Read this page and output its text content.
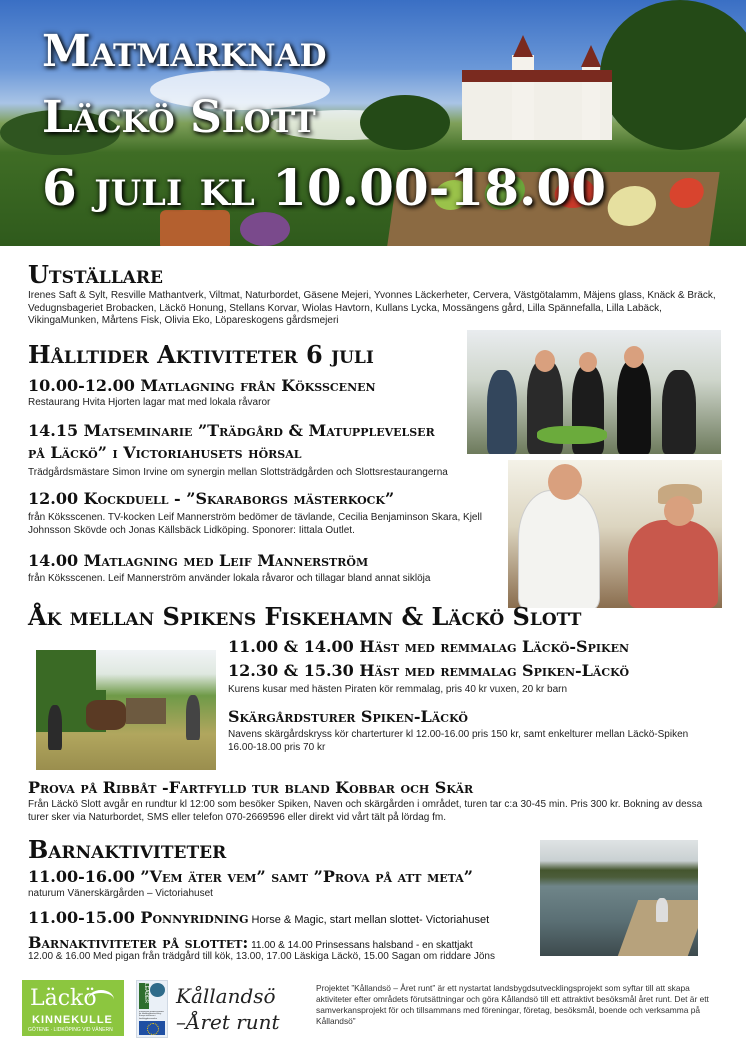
Matmarknad
Läckö Slott
6 juli kl 10.00-18.00
Utställare

Irenes Saft & Sylt, Resville Mathantverk, Viltmat, Naturbordet, Gäsene Mejeri, Yvonnes Läckerheter, Cervera, Västgötalamm, Mäjens glass, Knäck & Bräck, Vedugnsbageriet Brobacken, Läckö Honung, Stellans Korvar, Wiolas Havtorn, Kullans Lycka, Mossängens gård, Lilla Spännefalla, Lilla Labäck, VikingaMunken, Mårtens Fisk, Olivia Eko, Löpareskogens gårdsmejeri

Hålltider Aktiviteter 6 juli
10.00-12.00 Matlagning från Köksscenen

Restaurang Hvita Hjorten lagar mat med lokala råvaror

14.15 Matseminarie ”Trädgård & Matupplevelser
på Läckö” i Victoriahusets hörsal

Trädgårdsmästare Simon Irvine om synergin mellan Slottsträdgården och Slottsrestaurangerna

12.00 Kockduell - ”Skaraborgs mästerkock”

från Köksscenen. TV-kocken Leif Mannerström bedömer de tävlande, Cecilia Benjaminson Skara, Kjell Johnsson Skövde och Jonas Källsbäck Lidköping. Sponorer: Iittala Outlet.

14.00 Matlagning med Leif Mannerström

från Köksscenen. Leif Mannerström använder lokala råvaror och tillagar bland annat siklöja

Åk mellan Spikens Fiskehamn & Läckö Slott
11.00 & 14.00 Häst med remmalag Läckö-Spiken
12.30 & 15.30 Häst med remmalag Spiken-Läckö

Kurens kusar med hästen Piraten kör remmalag, pris 40 kr vuxen, 20 kr barn

Skärgårdsturer Spiken-Läckö

Navens skärgårdskryss kör charterturer kl 12.00-16.00 pris 150 kr, samt enkelturer mellan Läckö-Spiken 16.00-18.00 pris 70 kr

Prova på Ribbåt -Fartfylld tur bland Kobbar och Skär

Från Läckö Slott avgår en rundtur kl 12:00 som besöker Spiken, Naven och skärgården i området, turen tar c:a 30-45 min. Pris 300 kr. Bokning av dessa turer sker via Naturbordet, SMS eller telefon 070-2669596 eller direkt vid vårt tält på lördag fm.

Barnaktiviteter
11.00-16.00 ”Vem äter vem” samt ”Prova på att meta”

naturum Vänerskärgården – Victoriahuset

11.00-15.00 Ponnyridning Horse & Magic, start mellan slottet- Victoriahuset
Barnaktiviteter på slottet: 11.00 & 14.00 Prinsessans halsband - en skattjakt

12.00 & 16.00 Med pigan från trädgård till kök, 13.00, 17.00 Läskiga Läckö, 15.00 Sagan om riddare Jöns

Läckö
KINNEKULLE
GÖTENE · LIDKÖPING VID VÄNERN
LEADER
Europeiska jordbruksfonden för landsbygdsutveckling: Europa investerar i landsbygdsområden
Kållandsö
–Året runt

Projektet ”Kållandsö – Året runt” är ett nystartat landsbygdsutvecklingsprojekt som syftar till att skapa aktiviteter efter områdets förutsättningar och göra Kållandsö till ett attraktivt besöksmål året runt. Det är ett samverkansprojekt för och tillsammans med föreningar, företag, besöksmål, boende och verksamma på Kållandsö”
